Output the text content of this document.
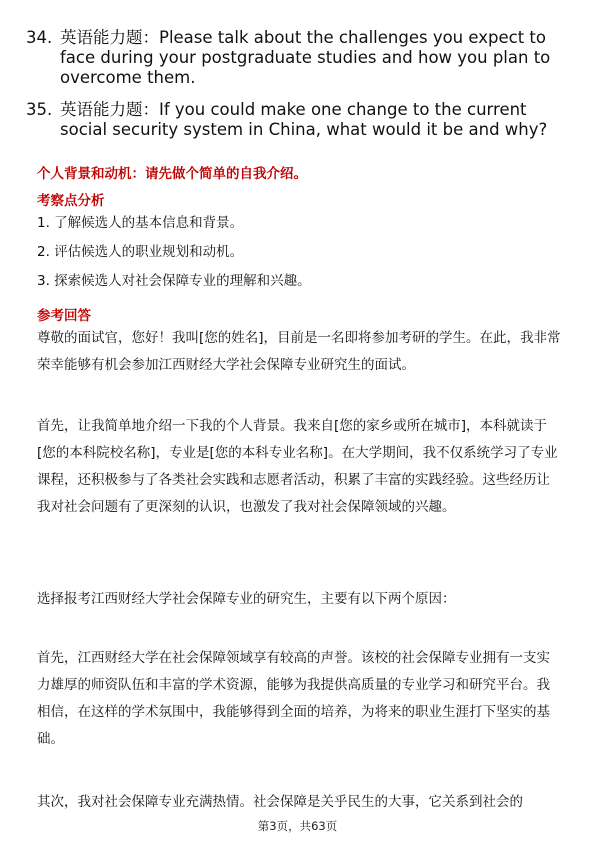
34. 英语能力题：Please talk about the challenges you expect to face during your postgraduate studies and how you plan to overcome them.
35. 英语能力题：If you could make one change to the current social security system in China, what would it be and why?
个人背景和动机：请先做个简单的自我介绍。
考察点分析
1. 了解候选人的基本信息和背景。
2. 评估候选人的职业规划和动机。
3. 探索候选人对社会保障专业的理解和兴趣。
参考回答
尊敬的面试官，您好！我叫[您的姓名]，目前是一名即将参加考研的学生。在此，我非常荣幸能够有机会参加江西财经大学社会保障专业研究生的面试。
首先，让我简单地介绍一下我的个人背景。我来自[您的家乡或所在城市]，本科就读于[您的本科院校名称]，专业是[您的本科专业名称]。在大学期间，我不仅系统学习了专业课程，还积极参与了各类社会实践和志愿者活动，积累了丰富的实践经验。这些经历让我对社会问题有了更深刻的认识，也激发了我对社会保障领域的兴趣。
选择报考江西财经大学社会保障专业的研究生，主要有以下两个原因：
首先，江西财经大学在社会保障领域享有较高的声誉。该校的社会保障专业拥有一支实力雄厚的师资队伍和丰富的学术资源，能够为我提供高质量的专业学习和研究平台。我相信，在这样的学术氛围中，我能够得到全面的培养，为将来的职业生涯打下坚实的基础。
其次，我对社会保障专业充满热情。社会保障是关乎民生的大事，它关系到社会的
第3页，共63页
